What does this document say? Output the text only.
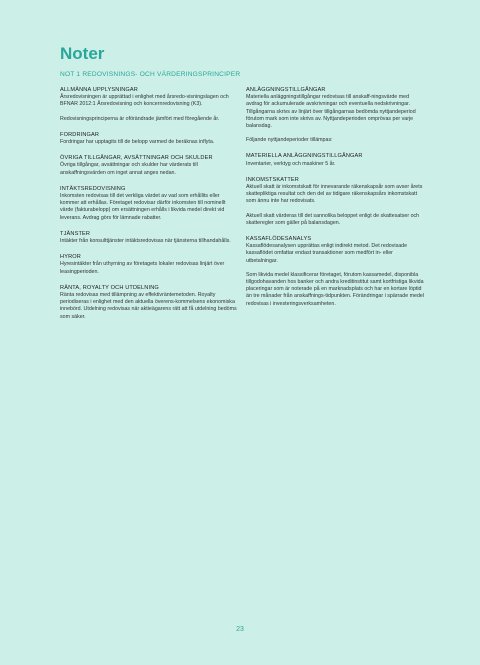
Noter
NOT 1 REDOVISNINGS- OCH VÄRDERINGSPRINCIPER
ALLMÄNNA UPPLYSNINGAR

Årsredovisningen är upprättad i enlighet med årsredo-visningslagen och BFNAR 2012:1 Årsredovisning och koncernredovisning (K3).

Redovisningsprinciperna är oförändrade jämfört med föregående år.

FORDRINGAR

Fordringar har upptagits till de belopp varmed de beräknas inflyta.

ÖVRIGA TILLGÅNGAR, AVSÄTTNINGAR OCH SKULDER

Övriga tillgångar, avsättningar och skulder har värderats till anskaffningsvärden om inget annat anges nedan.

INTÄKTSREDOVISNING

Inkomsten redovisas till det verkliga värdet av vad som erhållits eller kommer att erhållas. Företaget redovisar därför inkomsten till nominellt värde (fakturabelopp) om ersättningen erhålls i likvida medel direkt vid leverans. Avdrag görs för lämnade rabatter.

TJÄNSTER

Intäkter från konsulttjänster intäktsredovisas när tjänsterna tillhandahålls.

HYROR

Hyresintäkter från uthyrning av företagets lokaler redovisas linjärt över leasingperioden.

RÄNTA, ROYALTY OCH UTDELNING

Ränta redovisas med tillämpning av effektivräntemetoden. Royalty periodiseras i enlighet med den aktuella överens-kommelsens ekonomiska innebörd. Utdelning redovisas när aktieägarens rätt att få utdelning bedöms som säker.

ANLÄGGNINGSTILLGÅNGAR

Materiella anläggningstillgångar redovisas till anskaff-ningsvärde med avdrag för ackumulerade avskrivningar och eventuella nedskrivningar. Tillgångarna skrivs av linjärt över tillgångarnas bedömda nyttjandeperiod förutom mark som inte skrivs av. Nyttjandeperioden omprövas per varje balansdag.

Följande nyttjandeperioder tillämpas:

MATERIELLA ANLÄGGNINGSTILLGÅNGAR

Inventarier, verktyg och maskiner 5 år.

INKOMSTSKATTER

Aktuell skatt är inkomstskatt för innevarande räkenskapsår som avser årets skattepliktiga resultat och den del av tidigare räkenskapsårs inkomstskatt som ännu inte har redovisats.

Aktuell skatt värderas till det sannolika beloppet enligt de skattesatser och skatteregler som gäller på balansdagen.

KASSAFLÖDESANALYS

Kassaflödesanalysen upprättas enligt indirekt metod. Det redovisade kassaflödet omfattar endast transaktioner som medfört in- eller utbetalningar.

Som likvida medel klassificerar företaget, förutom kassamedel, disponibla tillgodohavanden hos banker och andra kreditinstitut samt kortfristiga likvida placeringar som är noterade på en marknadsplats och har en kortare löptid än tre månader från anskaffnings-tidpunkten. Förändringar i spärrade medel redovisas i investeringsverksamheten.

23
